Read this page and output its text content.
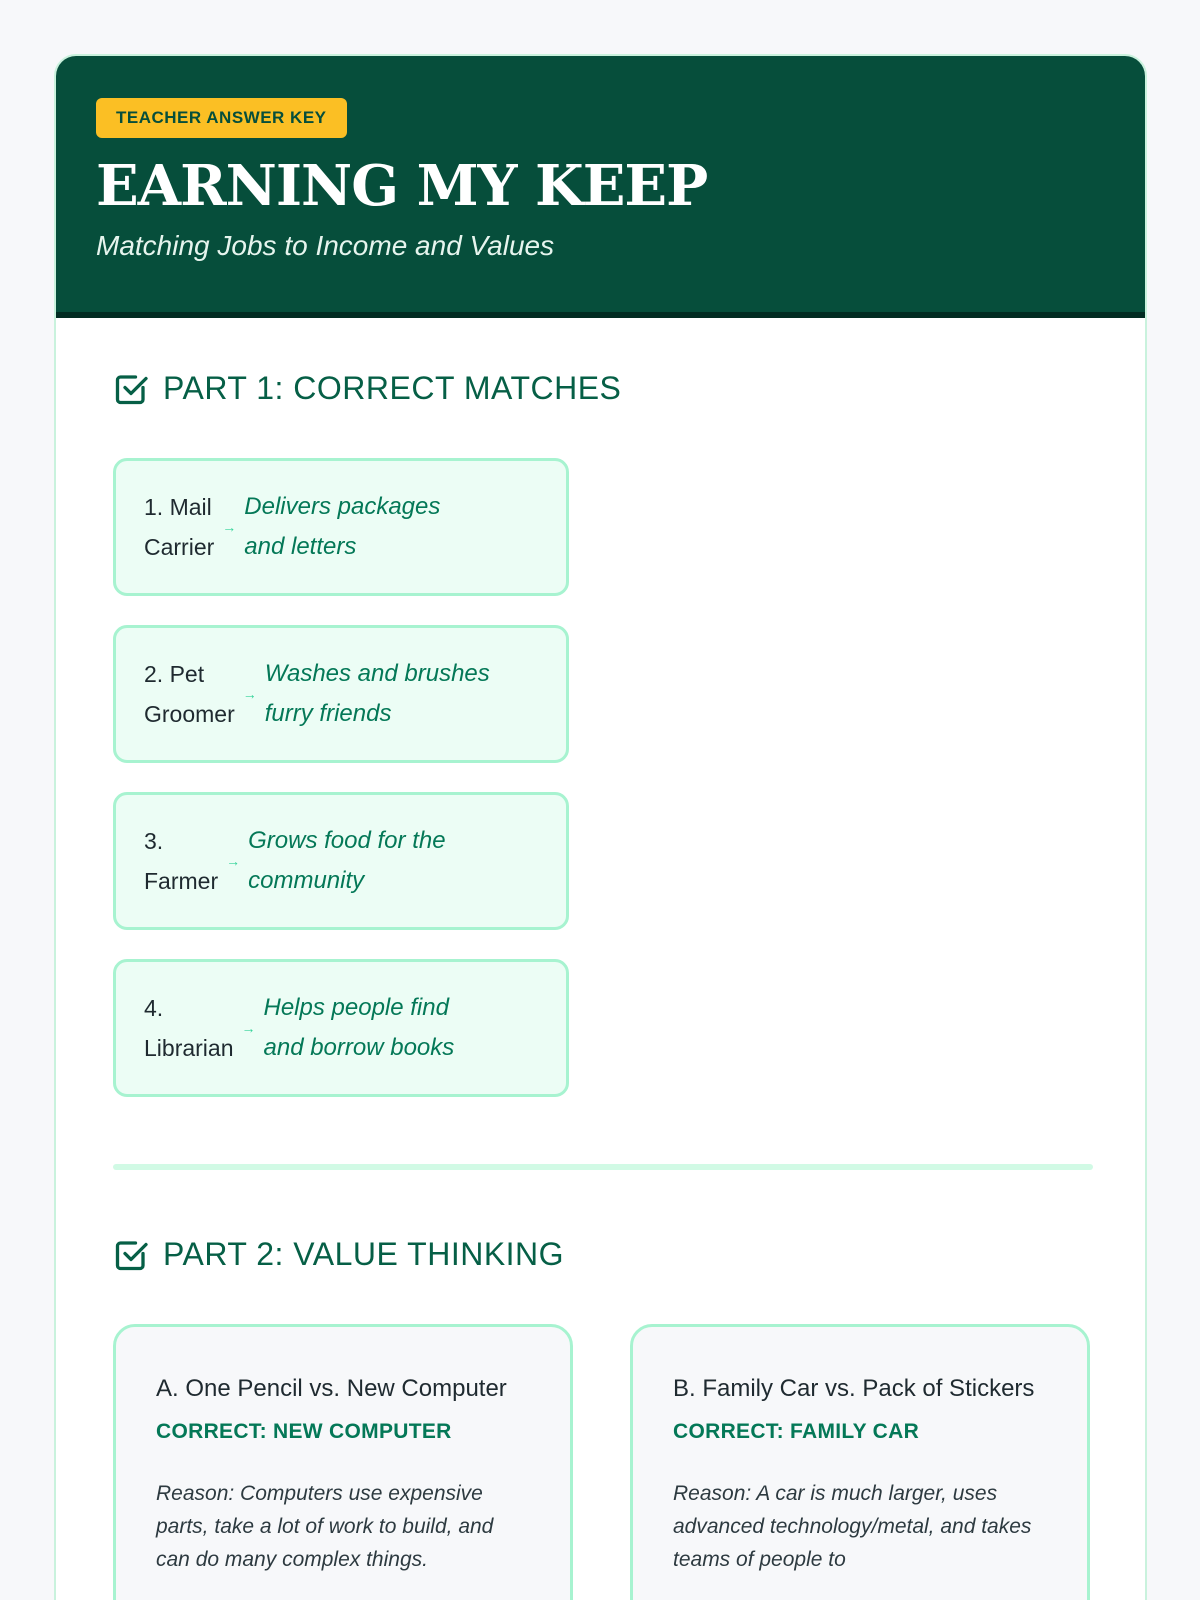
TEACHER ANSWER KEY
EARNING MY KEEP
Matching Jobs to Income and Values
PART 1: CORRECT MATCHES
1. Mail
Carrier
→
Delivers packages
and letters
2. Pet
Groomer
→
Washes and brushes
furry friends
3.
Farmer
→
Grows food for the
community
4.
Librarian
→
Helps people find
and borrow books
PART 2: VALUE THINKING
A. One Pencil vs. New Computer
CORRECT: NEW COMPUTER
Reason: Computers use expensive parts, take a lot of work to build, and can do many complex things.
B. Family Car vs. Pack of Stickers
CORRECT: FAMILY CAR
Reason: A car is much larger, uses advanced technology/metal, and takes teams of people to
